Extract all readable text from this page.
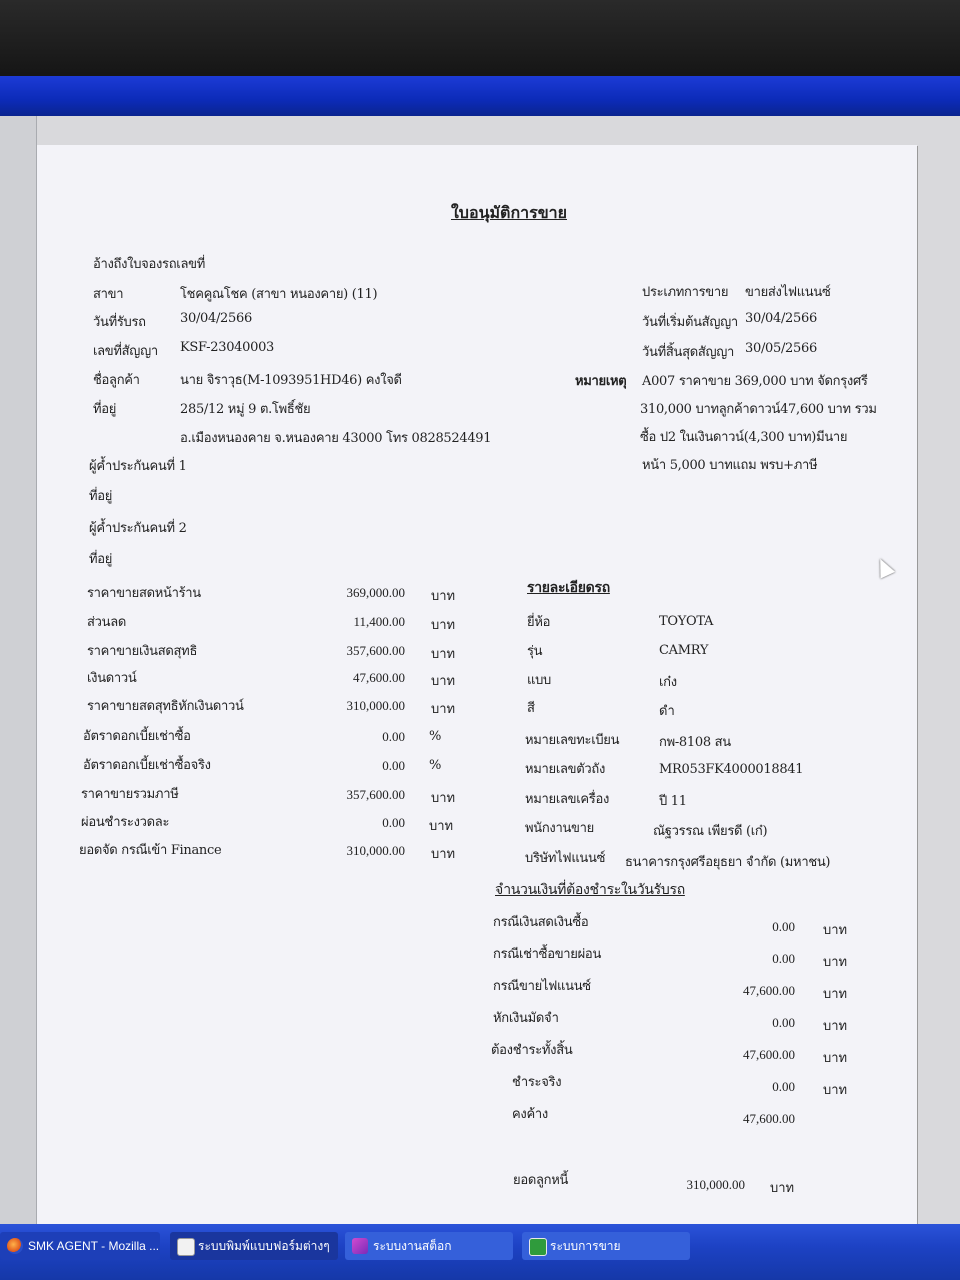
ใบอนุมัติการขาย
อ้างถึงใบจองรถเลขที่
สาขา	โชคคูณโชค (สาขา หนองคาย) (11)
วันที่รับรถ	30/04/2566
เลขที่สัญญา KSF-23040003
ชื่อลูกค้า	นาย จิราวุธ(M-1093951HD46) คงใจดี
ที่อยู่	285/12 หมู่ 9 ต.โพธิ์ชัย
อ.เมืองหนองคาย จ.หนองคาย 43000 โทร 0828524491
ผู้ค้ำประกันคนที่ 1
ที่อยู่
ผู้ค้ำประกันคนที่ 2
ที่อยู่
ประเภทการขาย ขายส่งไฟแนนซ์
วันที่เริ่มต้นสัญญา 30/04/2566
วันที่สิ้นสุดสัญญา 30/05/2566
หมายเหตุ A007 ราคาขาย 369,000 บาท จัดกรุงศรี
310,000 บาทลูกค้าดาวน์47,600 บาท รวม
ซื้อ ป2 ในเงินดาวน์(4,300 บาท)มีนาย
หน้า 5,000 บาทแถม พรบ+ภาษี
ราคาขายสดหน้าร้าน	369,000.00 บาท
ส่วนลด	11,400.00 บาท
ราคาขายเงินสดสุทธิ	357,600.00 บาท
เงินดาวน์	47,600.00 บาท
ราคาขายสดสุทธิหักเงินดาวน์	310,000.00 บาท
อัตราดอกเบี้ยเช่าซื้อ	0.00 %
อัตราดอกเบี้ยเช่าซื้อจริง	0.00 %
ราคาขายรวมภาษี	357,600.00 บาท
ผ่อนชำระงวดละ	0.00 บาท
ยอดจัด กรณีเข้า Finance	310,000.00 บาท
รายละเอียดรถ
ยี่ห้อ	TOYOTA
รุ่น	CAMRY
แบบ	เก๋ง
สี	ดำ
หมายเลขทะเบียน	กพ-8108 สน
หมายเลขตัวถัง	MR053FK4000018841
หมายเลขเครื่อง	ปี 11
พนักงานขาย	ณัฐวรรณ เพียรดี (เก๋)
บริษัทไฟแนนซ์ ธนาคารกรุงศรีอยุธยา จำกัด (มหาชน)
จำนวนเงินที่ต้องชำระในวันรับรถ
กรณีเงินสดเงินซื้อ	0.00 บาท
กรณีเช่าซื้อขายผ่อน	0.00 บาท
กรณีขายไฟแนนซ์	47,600.00 บาท
หักเงินมัดจำ	0.00 บาท
ต้องชำระทั้งสิ้น	47,600.00 บาท
ชำระจริง	0.00 บาท
คงค้าง	47,600.00
ยอดลูกหนี้	310,000.00 บาท
SMK AGENT - Mozilla ...	ระบบพิมพ์แบบฟอร์มต่างๆ	ระบบงานสต็อก	ระบบการขาย
